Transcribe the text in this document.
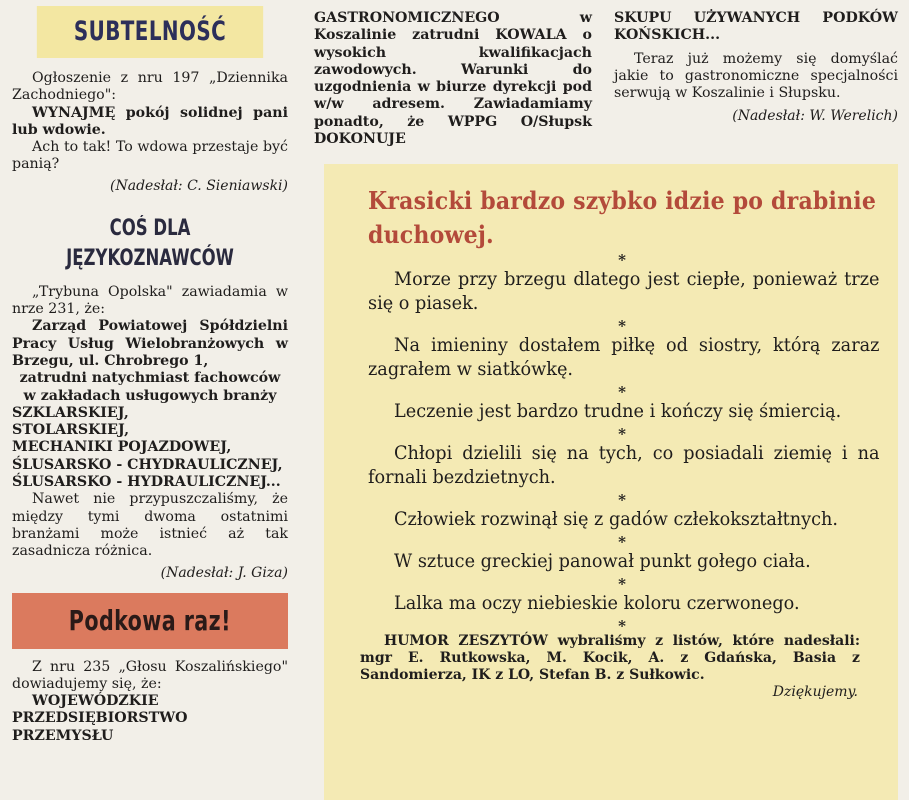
SUBTELNOŚĆ

Ogłoszenie z nru 197 „Dziennika Zachodniego":

WYNAJMĘ pokój solidnej pani lub wdowie.

Ach to tak! To wdowa przestaje być panią?

(Nadesłał: C. Sieniawski)

COŚ DLA JĘZYKOZNAWCÓW

„Trybuna Opolska" zawiadamia w nrze 231, że:

Zarząd Powiatowej Spółdzielni Pracy Usług Wielobranżowych w Brzegu, ul. Chrobrego 1,

zatrudni natychmiast fachowców w zakładach usługowych branży

SZKLARSKIEJ,

STOLARSKIEJ,

MECHANIKI POJAZDOWEJ,

ŚLUSARSKO - CHYDRAULICZNEJ,

ŚLUSARSKO - HYDRAULICZNEJ...

Nawet nie przypuszczaliśmy, że między tymi dwoma ostatnimi branżami może istnieć aż tak zasadnicza różnica.

(Nadesłał: J. Giza)

Podkowa raz!

Z nru 235 „Głosu Koszalińskiego" dowiadujemy się, że:

WOJEWÓDZKIE PRZEDSIĘBIORSTWO PRZEMYSŁU

GASTRONOMICZNEGO w Koszalinie zatrudni KOWALA o wysokich kwalifikacjach zawodowych. Warunki do uzgodnienia w biurze dyrekcji pod w/w adresem. Zawiadamiamy ponadto, że WPPG O/Słupsk DOKONUJE

SKUPU UŻYWANYCH PODKÓW KOŃSKICH...

Teraz już możemy się domyślać jakie to gastronomiczne specjalności serwują w Koszalinie i Słupsku.

(Nadesłał: W. Werelich)

Krasicki bardzo szybko idzie po drabinie duchowej.
*

Morze przy brzegu dlatego jest ciepłe, ponieważ trze się o piasek.

*

Na imieniny dostałem piłkę od siostry, którą zaraz zagrałem w siatkówkę.

*

Leczenie jest bardzo trudne i kończy się śmiercią.

*

Chłopi dzielili się na tych, co posiadali ziemię i na fornali bezdzietnych.

*

Człowiek rozwinął się z gadów człekokształtnych.

*

W sztuce greckiej panował punkt gołego ciała.

*

Lalka ma oczy niebieskie koloru czerwonego.

*

HUMOR ZESZYTÓW wybraliśmy z listów, które nadesłali: mgr E. Rutkowska, M. Kocik, A. z Gdańska, Basia z Sandomierza, IK z LO, Stefan B. z Sułkowic.

Dziękujemy.
